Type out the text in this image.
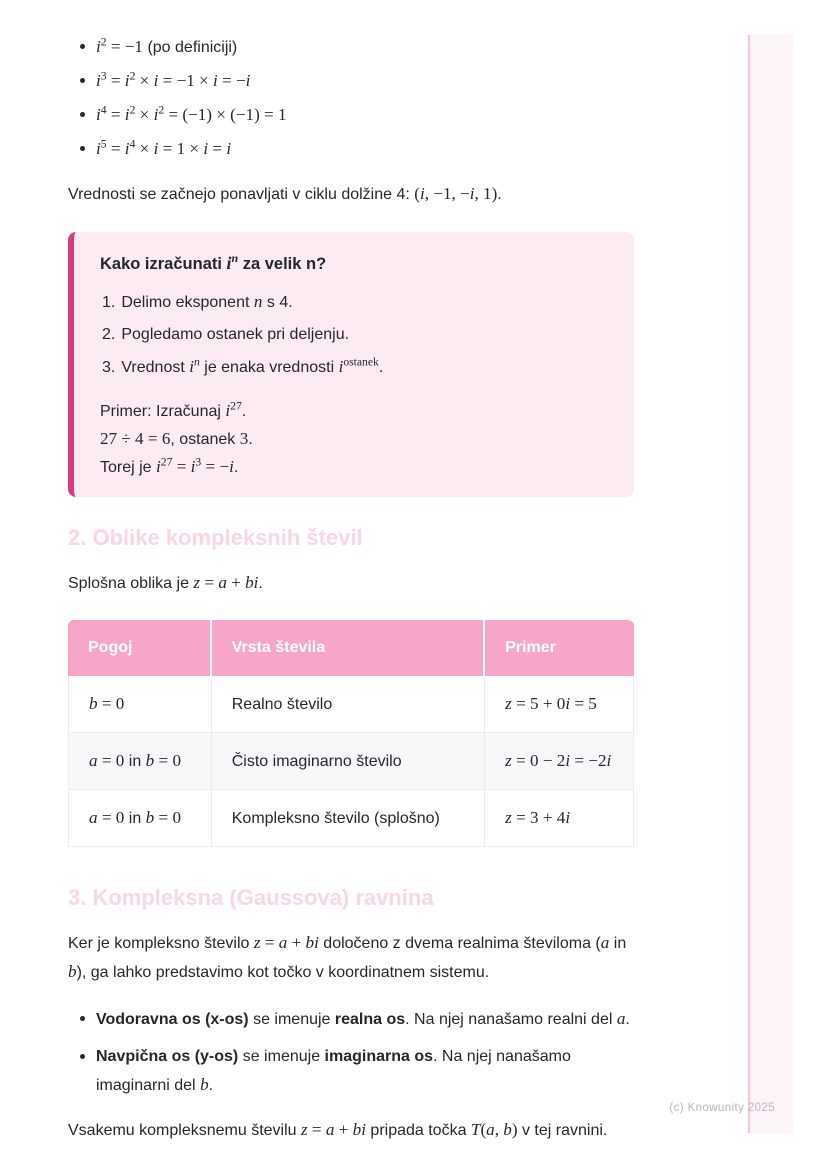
$i^2 = -1$ (po definiciji)
$i^3 = i^2 \times i = -1 \times i = -i$
$i^4 = i^2 \times i^2 = (-1) \times (-1) = 1$
$i^5 = i^4 \times i = 1 \times i = i$

Vrednosti se začnejo ponavljati v ciklu dolžine 4: (i, −1, −i, 1).

Kako izračunati $i^n$ za velik n?

1. Delimo eksponent n s 4.
2. Pogledamo ostanek pri deljenju.
3. Vrednost $i^n$ je enaka vrednosti $i^{ostanek}$.

Primer: Izračunaj $i^{27}$.

27 ÷ 4 = 6, ostanek 3.

Torej je $i^{27} = i^3 = -i$.

2. Oblike kompleksnih števil

Splošna oblika je z = a + bi.

Pogoj	Vrsta števila	Primer
b = 0	Realno število	z = 5 + 0i = 5
a = 0 in b = 0	Čisto imaginarno število	z = 0 − 2i = −2i
a = 0 in b = 0	Kompleksno število (splošno)	z = 3 + 4i
3. Kompleksna (Gaussova) ravnina

Ker je kompleksno število z = a + bi določeno z dvema realnima številoma (a in b), ga lahko predstavimo kot točko v koordinatnem sistemu.

Vodoravna os (x-os) se imenuje realna os. Na njej nanašamo realni del a.
Navpična os (y-os) se imenuje imaginarna os. Na njej nanašamo imaginarni del b.

Vsakemu kompleksnemu številu z = a + bi pripada točka T(a, b) v tej ravnini.

(c) Knowunity 2025
